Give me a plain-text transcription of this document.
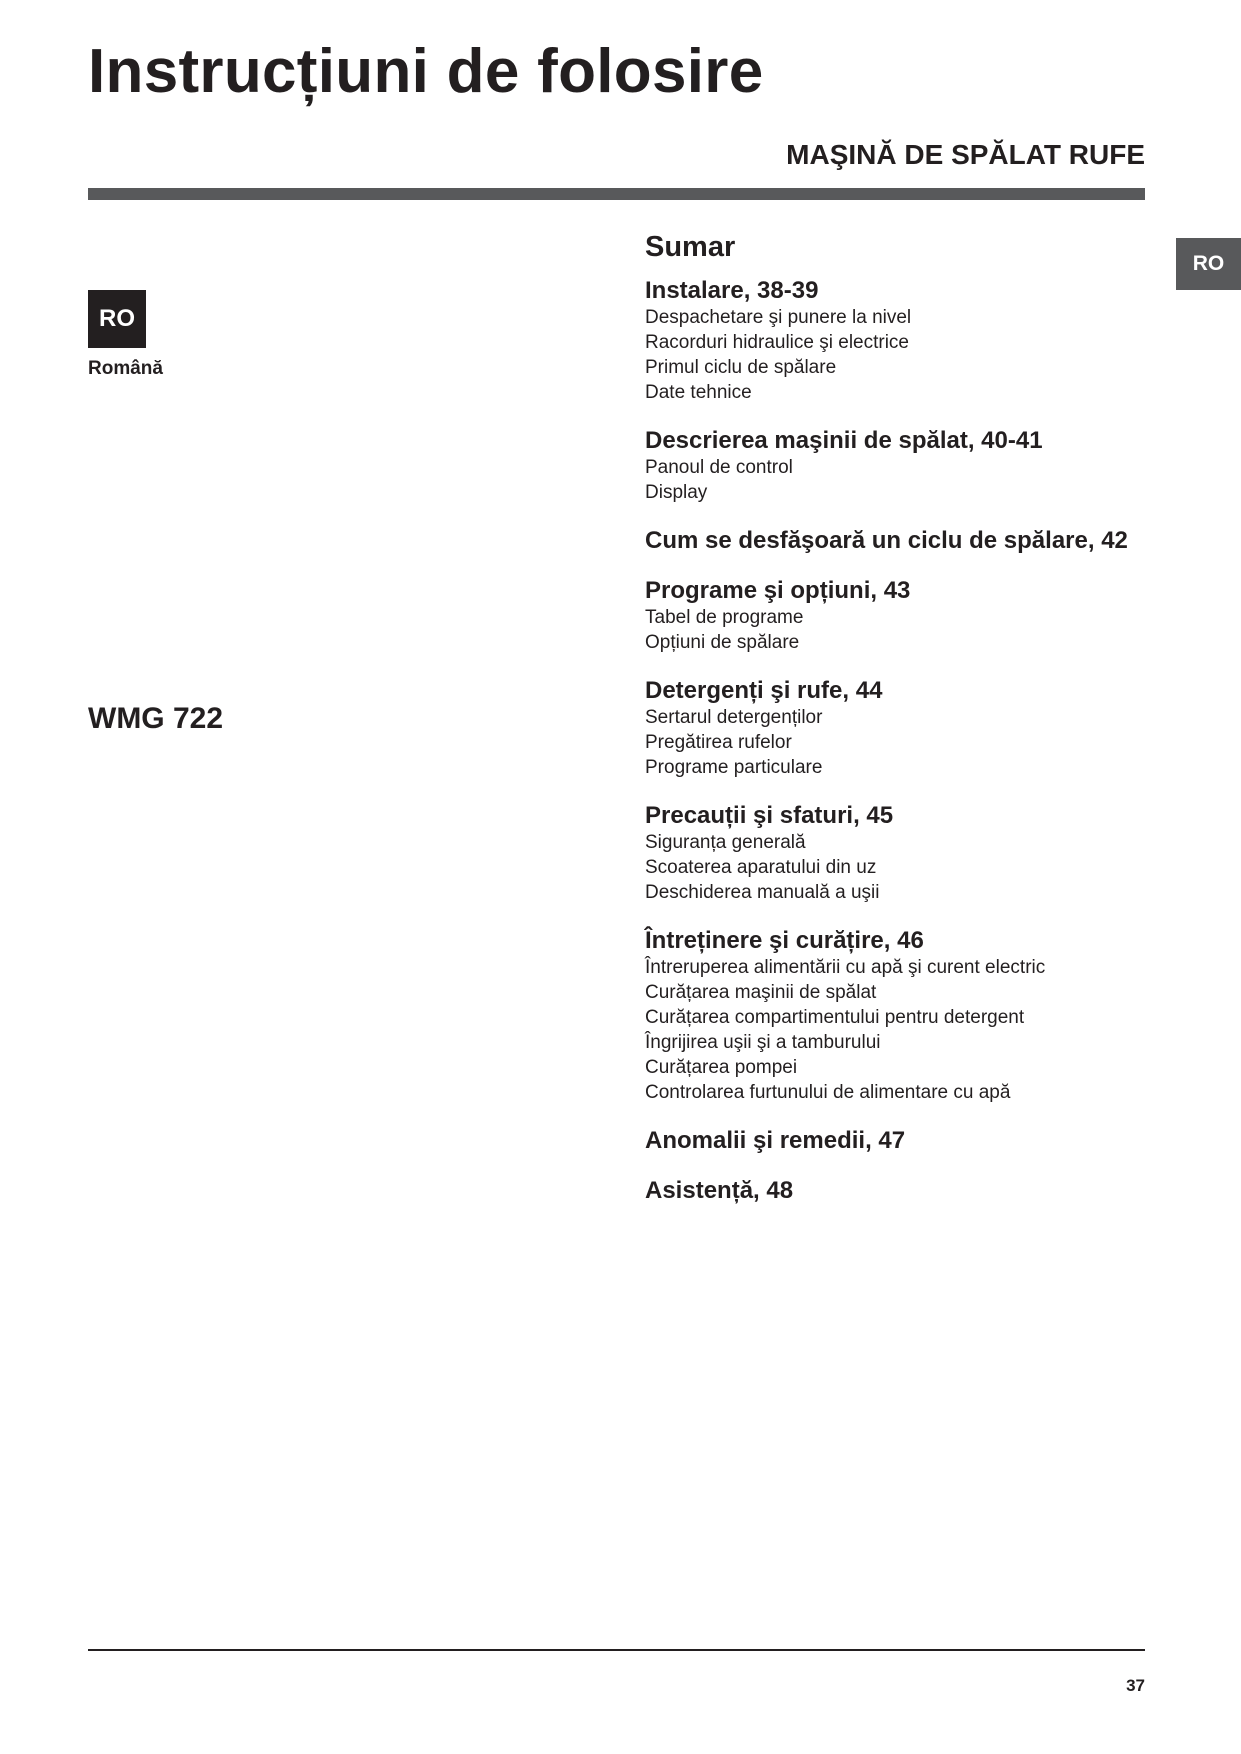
Instrucțiuni de folosire
MAŞINĂ DE SPĂLAT RUFE
RO
RO
Română
WMG 722
Sumar
Instalare, 38-39
Despachetare şi punere la nivel
Racorduri hidraulice şi electrice
Primul ciclu de spălare
Date tehnice
Descrierea maşinii de spălat, 40-41
Panoul de control
Display
Cum se desfăşoară un ciclu de spălare, 42
Programe şi opțiuni, 43
Tabel de programe
Opțiuni de spălare
Detergenți şi rufe, 44
Sertarul detergenților
Pregătirea rufelor
Programe particulare
Precauții şi sfaturi, 45
Siguranța generală
Scoaterea aparatului din uz
Deschiderea manuală a uşii
Întreținere şi curățire, 46
Întreruperea alimentării cu apă şi curent electric
Curățarea maşinii de spălat
Curățarea compartimentului pentru detergent
Îngrijirea uşii şi a tamburului
Curățarea pompei
Controlarea furtunului de alimentare cu apă
Anomalii şi remedii, 47
Asistență, 48
37
